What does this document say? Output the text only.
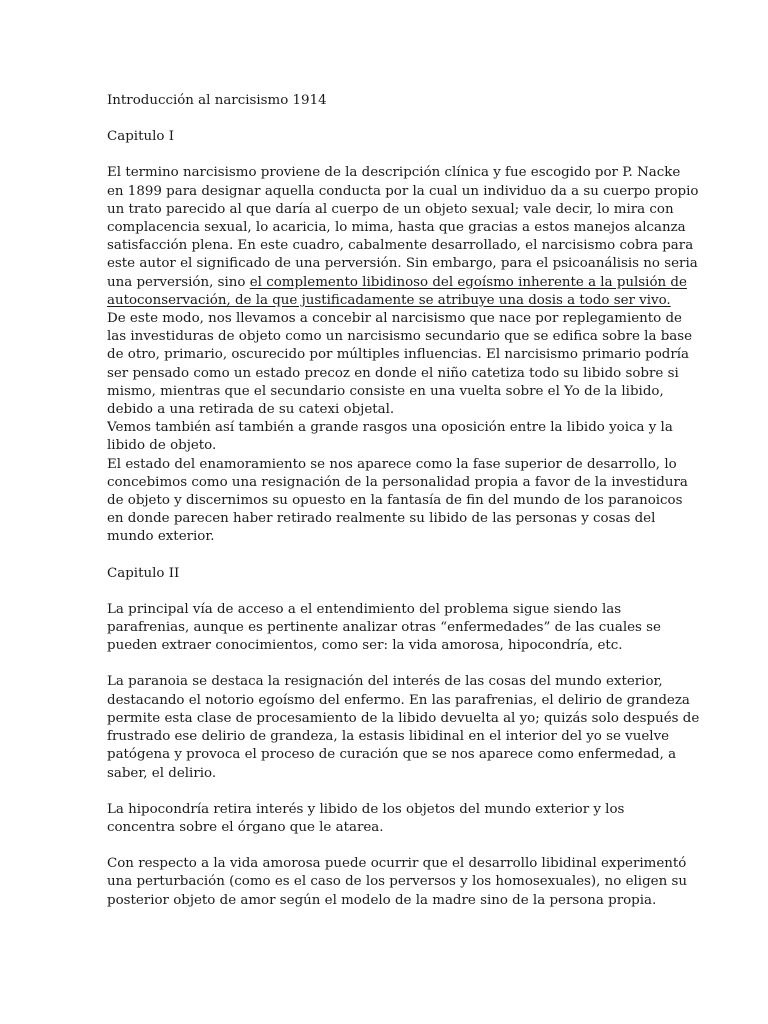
Introducción al narcisismo 1914
Capitulo I
El termino narcisismo proviene de la descripción clínica y fue escogido por P. Nacke
en 1899 para designar aquella conducta por la cual un individuo da a su cuerpo propio
un trato parecido al que daría al cuerpo de un objeto sexual; vale decir, lo mira con
complacencia sexual, lo acaricia, lo mima, hasta que gracias a estos manejos alcanza
satisfacción plena. En este cuadro, cabalmente desarrollado, el narcisismo cobra para
este autor el significado de una perversión. Sin embargo, para el psicoanálisis no seria
una perversión, sino el complemento libidinoso del egoísmo inherente a la pulsión de
autoconservación, de la que justificadamente se atribuye una dosis a todo ser vivo.
De este modo, nos llevamos a concebir al narcisismo que nace por replegamiento de
las investiduras de objeto como un narcisismo secundario que se edifica sobre la base
de otro, primario, oscurecido por múltiples influencias. El narcisismo primario podría
ser pensado como un estado precoz en donde el niño catetiza todo su libido sobre si
mismo, mientras que el secundario consiste en una vuelta sobre el Yo de la libido,
debido a una retirada de su catexi objetal.
Vemos también así también a grande rasgos una oposición entre la libido yoica y la
libido de objeto.
El estado del enamoramiento se nos aparece como la fase superior de desarrollo, lo
concebimos como una resignación de la personalidad propia a favor de la investidura
de objeto y discernimos su opuesto en la fantasía de fin del mundo de los paranoicos
en donde parecen haber retirado realmente su libido de las personas y cosas del
mundo exterior.
Capitulo II
La principal vía de acceso a el entendimiento del problema sigue siendo las
parafrenias, aunque es pertinente analizar otras “enfermedades” de las cuales se
pueden extraer conocimientos, como ser: la vida amorosa, hipocondría, etc.
La paranoia se destaca la resignación del interés de las cosas del mundo exterior,
destacando el notorio egoísmo del enfermo. En las parafrenias, el delirio de grandeza
permite esta clase de procesamiento de la libido devuelta al yo; quizás solo después de
frustrado ese delirio de grandeza, la estasis libidinal en el interior del yo se vuelve
patógena y provoca el proceso de curación que se nos aparece como enfermedad, a
saber, el delirio.
La hipocondría retira interés y libido de los objetos del mundo exterior y los
concentra sobre el órgano que le atarea.
Con respecto a la vida amorosa puede ocurrir que el desarrollo libidinal experimentó
una perturbación (como es el caso de los perversos y los homosexuales), no eligen su
posterior objeto de amor según el modelo de la madre sino de la persona propia.
